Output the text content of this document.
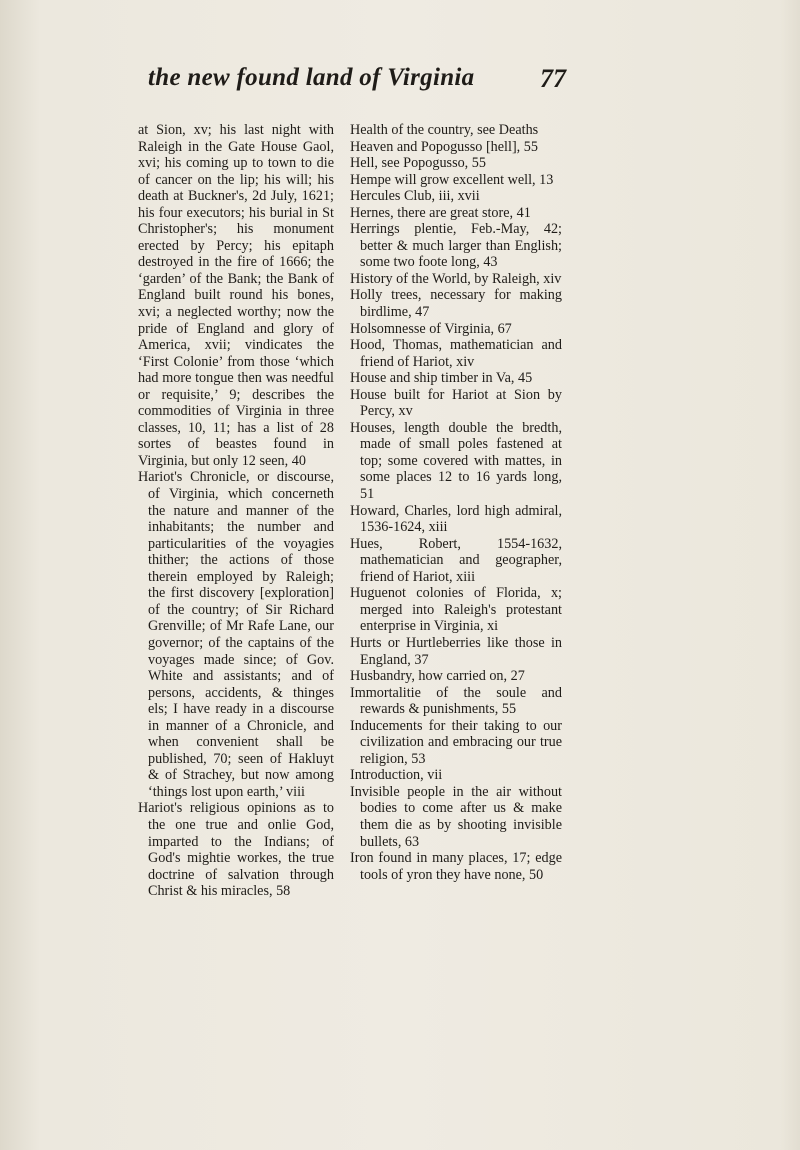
the new found land of Virginia	77

at Sion, xv; his last night with Raleigh in the Gate House Gaol, xvi; his coming up to town to die of cancer on the lip; his will; his death at Buckner's, 2d July, 1621; his four executors; his burial in St Christopher's; his monument erected by Percy; his epitaph destroyed in the fire of 1666; the ‘garden’ of the Bank; the Bank of England built round his bones, xvi; a neglected worthy; now the pride of England and glory of America, xvii; vindicates the ‘First Colonie’ from those ‘which had more tongue then was needful or requisite,’ 9; describes the commodities of Virginia in three classes, 10, 11; has a list of 28 sortes of beastes found in Virginia, but only 12 seen, 40

Hariot's Chronicle, or discourse, of Virginia, which concerneth the nature and manner of the inhabitants; the number and particularities of the voyagies thither; the actions of those therein employed by Raleigh; the first discovery [exploration] of the country; of Sir Richard Grenville; of Mr Rafe Lane, our governor; of the captains of the voyages made since; of Gov. White and assistants; and of persons, accidents, & thinges els; I have ready in a discourse in manner of a Chronicle, and when convenient shall be published, 70; seen of Hakluyt & of Strachey, but now among ‘things lost upon earth,’ viii

Hariot's religious opinions as to the one true and onlie God, imparted to the Indians; of God's mightie workes, the true doctrine of salvation through Christ & his miracles, 58

Health of the country, see Deaths

Heaven and Popogusso [hell], 55

Hell, see Popogusso, 55

Hempe will grow excellent well, 13

Hercules Club, iii, xvii

Hernes, there are great store, 41

Herrings plentie, Feb.-May, 42; better & much larger than English; some two foote long, 43

History of the World, by Raleigh, xiv

Holly trees, necessary for making birdlime, 47

Holsomnesse of Virginia, 67

Hood, Thomas, mathematician and friend of Hariot, xiv

House and ship timber in Va, 45

House built for Hariot at Sion by Percy, xv

Houses, length double the bredth, made of small poles fastened at top; some covered with mattes, in some places 12 to 16 yards long, 51

Howard, Charles, lord high admiral, 1536-1624, xiii

Hues, Robert, 1554-1632, mathematician and geographer, friend of Hariot, xiii

Huguenot colonies of Florida, x; merged into Raleigh's protestant enterprise in Virginia, xi

Hurts or Hurtleberries like those in England, 37

Husbandry, how carried on, 27

Immortalitie of the soule and rewards & punishments, 55

Inducements for their taking to our civilization and embracing our true religion, 53

Introduction, vii

Invisible people in the air without bodies to come after us & make them die as by shooting invisible bullets, 63

Iron found in many places, 17; edge tools of yron they have none, 50
